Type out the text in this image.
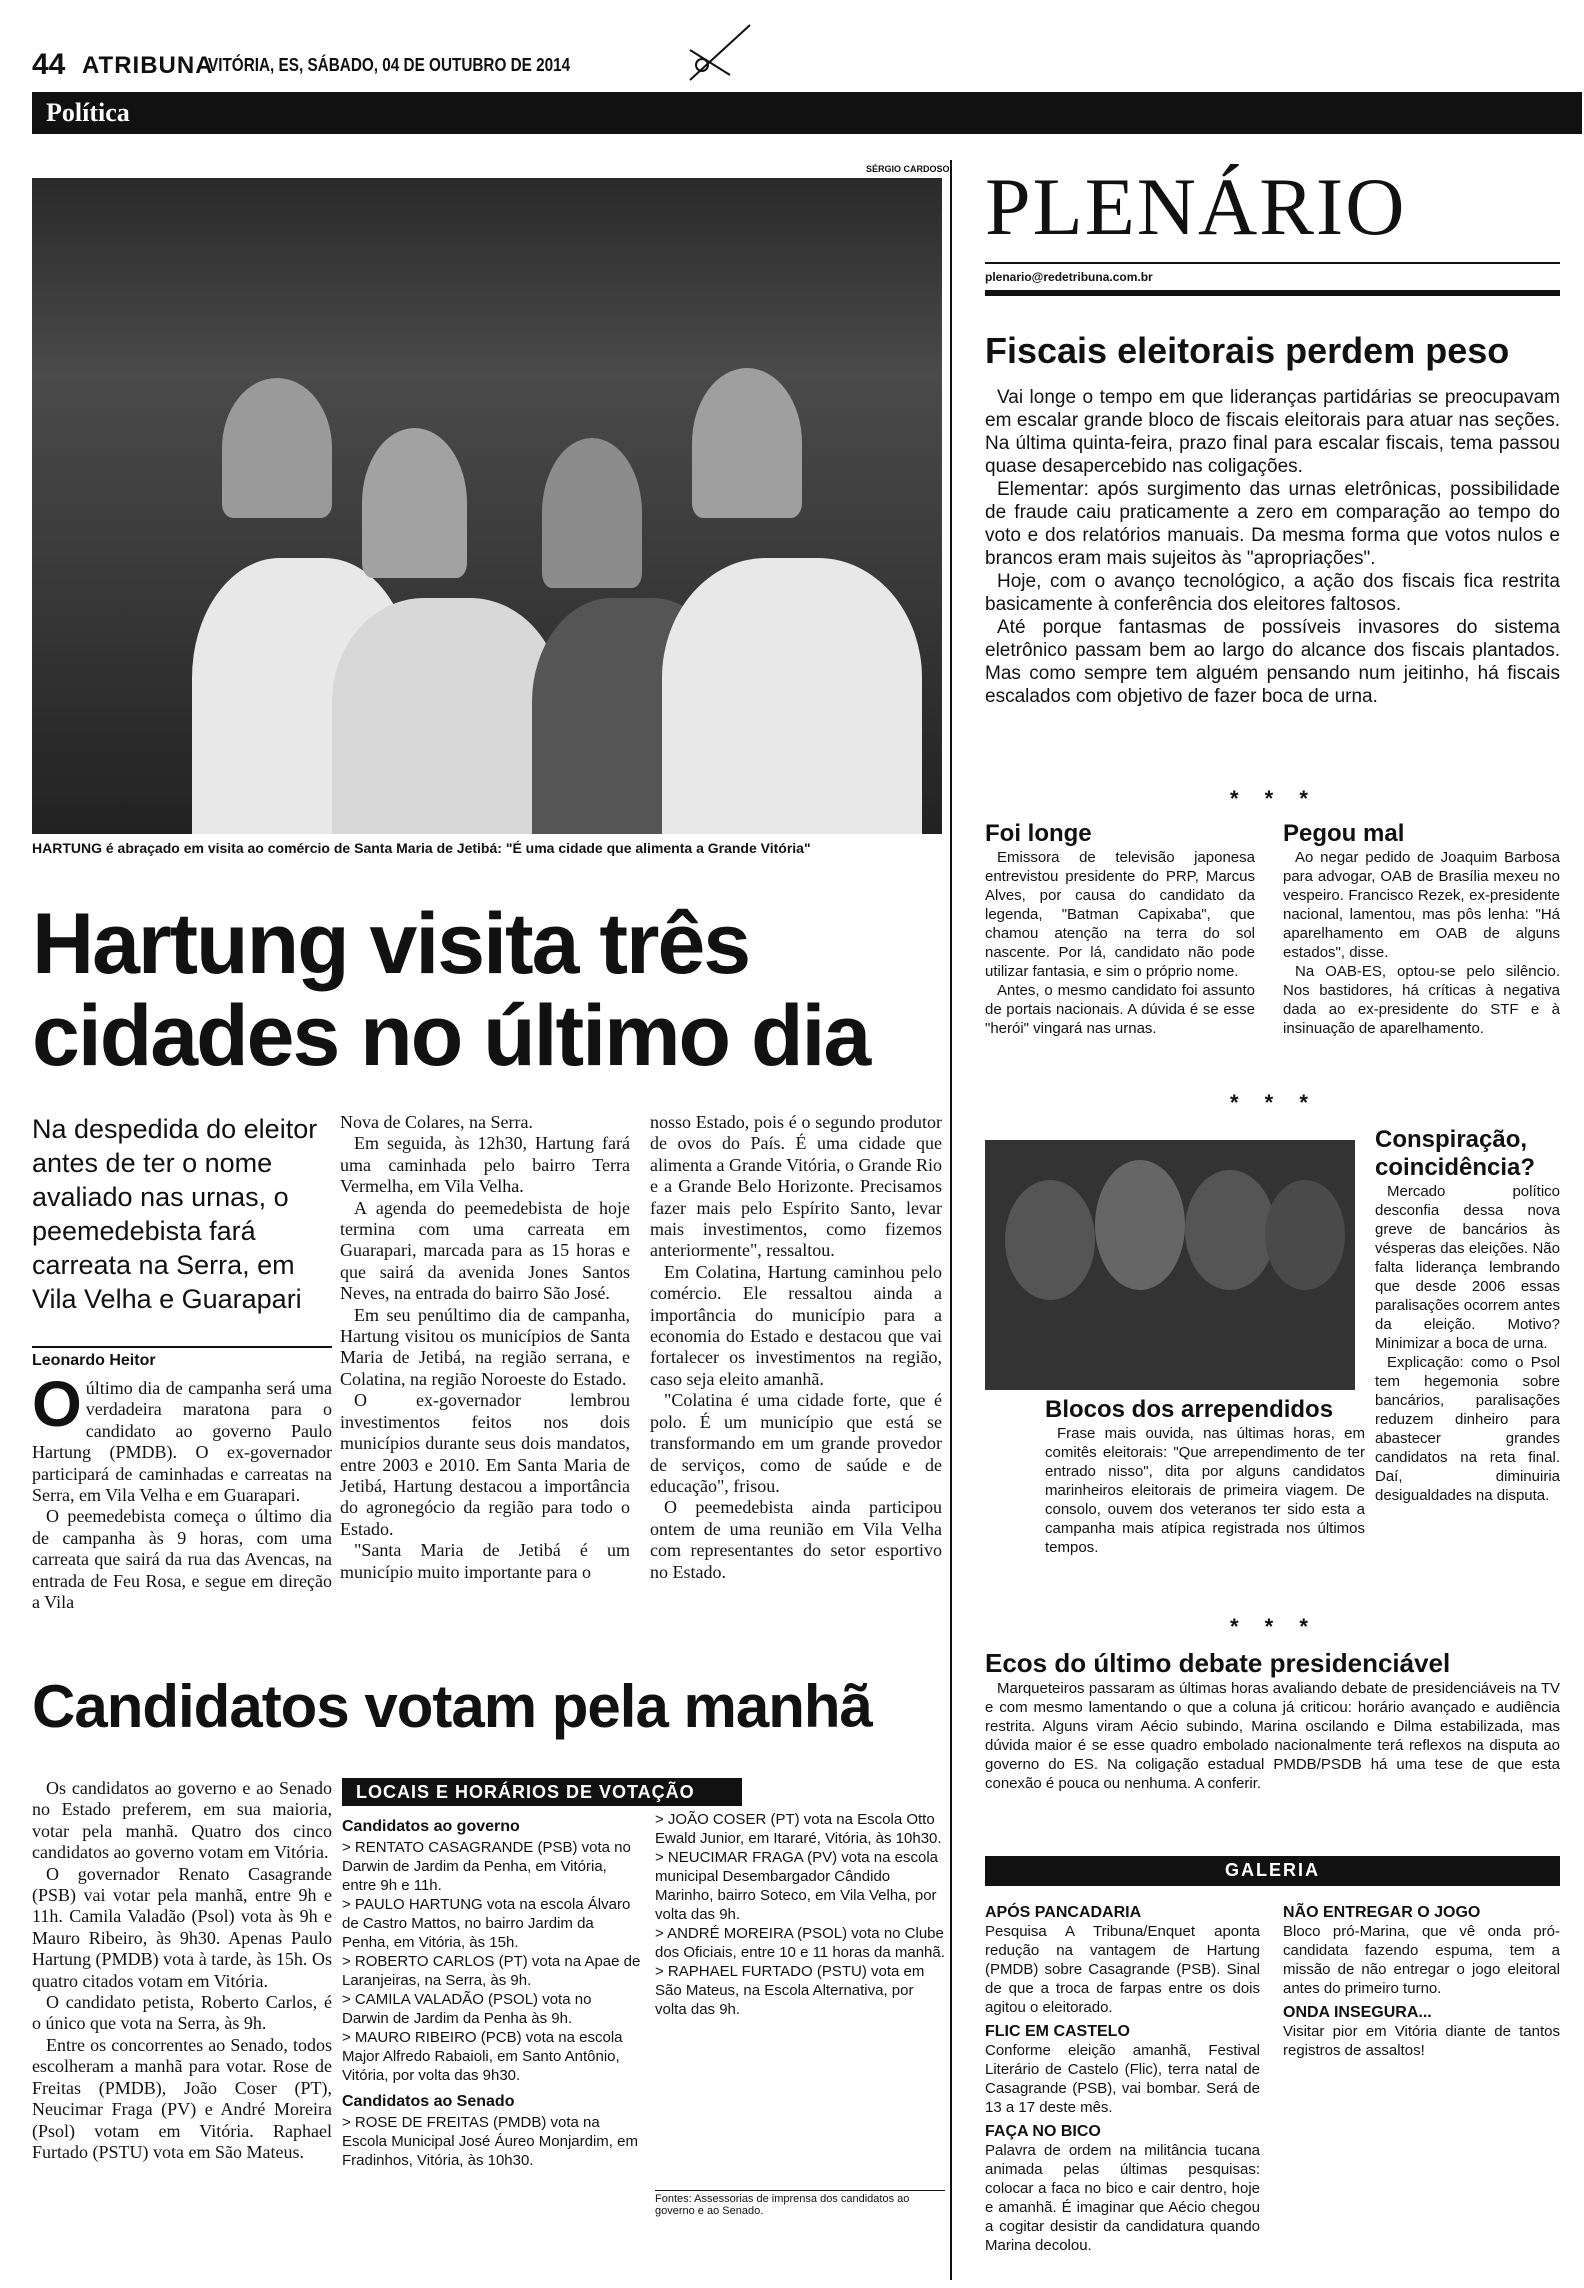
44 ATRIBUNA
VITÓRIA, ES, SÁBADO, 04 DE OUTUBRO DE 2014
Política
SÉRGIO CARDOSO
HARTUNG é abraçado em visita ao comércio de Santa Maria de Jetibá: "É uma cidade que alimenta a Grande Vitória"
Hartung visita três cidades no último dia
Na despedida do eleitor antes de ter o nome avaliado nas urnas, o peemedebista fará carreata na Serra, em Vila Velha e Guarapari
Leonardo Heitor
O último dia de campanha será uma verdadeira maratona para o candidato ao governo Paulo Hartung (PMDB). O ex-governador participará de caminhadas e carreatas na Serra, em Vila Velha e em Guarapari.

O peemedebista começa o último dia de campanha às 9 horas, com uma carreata que sairá da rua das Avencas, na entrada de Feu Rosa, e segue em direção a Vila

Nova de Colares, na Serra.

Em seguida, às 12h30, Hartung fará uma caminhada pelo bairro Terra Vermelha, em Vila Velha.

A agenda do peemedebista de hoje termina com uma carreata em Guarapari, marcada para as 15 horas e que sairá da avenida Jones Santos Neves, na entrada do bairro São José.

Em seu penúltimo dia de campanha, Hartung visitou os municípios de Santa Maria de Jetibá, na região serrana, e Colatina, na região Noroeste do Estado.

O ex-governador lembrou investimentos feitos nos dois municípios durante seus dois mandatos, entre 2003 e 2010. Em Santa Maria de Jetibá, Hartung destacou a importância do agronegócio da região para todo o Estado.

"Santa Maria de Jetibá é um município muito importante para o

nosso Estado, pois é o segundo produtor de ovos do País. É uma cidade que alimenta a Grande Vitória, o Grande Rio e a Grande Belo Horizonte. Precisamos fazer mais pelo Espírito Santo, levar mais investimentos, como fizemos anteriormente", ressaltou.

Em Colatina, Hartung caminhou pelo comércio. Ele ressaltou ainda a importância do município para a economia do Estado e destacou que vai fortalecer os investimentos na região, caso seja eleito amanhã.

"Colatina é uma cidade forte, que é polo. É um município que está se transformando em um grande provedor de serviços, como de saúde e de educação", frisou.

O peemedebista ainda participou ontem de uma reunião em Vila Velha com representantes do setor esportivo no Estado.

Candidatos votam pela manhã

Os candidatos ao governo e ao Senado no Estado preferem, em sua maioria, votar pela manhã. Quatro dos cinco candidatos ao governo votam em Vitória.

O governador Renato Casagrande (PSB) vai votar pela manhã, entre 9h e 11h. Camila Valadão (Psol) vota às 9h e Mauro Ribeiro, às 9h30. Apenas Paulo Hartung (PMDB) vota à tarde, às 15h. Os quatro citados votam em Vitória.

O candidato petista, Roberto Carlos, é o único que vota na Serra, às 9h.

Entre os concorrentes ao Senado, todos escolheram a manhã para votar. Rose de Freitas (PMDB), João Coser (PT), Neucimar Fraga (PV) e André Moreira (Psol) votam em Vitória. Raphael Furtado (PSTU) vota em São Mateus.

LOCAIS E HORÁRIOS DE VOTAÇÃO
Candidatos ao governo
> RENTATO CASAGRANDE (PSB) vota no Darwin de Jardim da Penha, em Vitória, entre 9h e 11h.
> PAULO HARTUNG vota na escola Álvaro de Castro Mattos, no bairro Jardim da Penha, em Vitória, às 15h.
> ROBERTO CARLOS (PT) vota na Apae de Laranjeiras, na Serra, às 9h.
> CAMILA VALADÃO (PSOL) vota no Darwin de Jardim da Penha às 9h.
> MAURO RIBEIRO (PCB) vota na escola Major Alfredo Rabaioli, em Santo Antônio, Vitória, por volta das 9h30.
Candidatos ao Senado
> ROSE DE FREITAS (PMDB) vota na Escola Municipal José Áureo Monjardim, em Fradinhos, Vitória, às 10h30.
> JOÃO COSER (PT) vota na Escola Otto Ewald Junior, em Itararé, Vitória, às 10h30.
> NEUCIMAR FRAGA (PV) vota na escola municipal Desembargador Cândido Marinho, bairro Soteco, em Vila Velha, por volta das 9h.
> ANDRÉ MOREIRA (PSOL) vota no Clube dos Oficiais, entre 10 e 11 horas da manhã.
> RAPHAEL FURTADO (PSTU) vota em São Mateus, na Escola Alternativa, por volta das 9h.
Fontes: Assessorias de imprensa dos candidatos ao governo e ao Senado.
PLENÁRIO
plenario@redetribuna.com.br
Fiscais eleitorais perdem peso

Vai longe o tempo em que lideranças partidárias se preocupavam em escalar grande bloco de fiscais eleitorais para atuar nas seções. Na última quinta-feira, prazo final para escalar fiscais, tema passou quase desapercebido nas coligações.

Elementar: após surgimento das urnas eletrônicas, possibilidade de fraude caiu praticamente a zero em comparação ao tempo do voto e dos relatórios manuais. Da mesma forma que votos nulos e brancos eram mais sujeitos às "apropriações".

Hoje, com o avanço tecnológico, a ação dos fiscais fica restrita basicamente à conferência dos eleitores faltosos.

Até porque fantasmas de possíveis invasores do sistema eletrônico passam bem ao largo do alcance dos fiscais plantados. Mas como sempre tem alguém pensando num jeitinho, há fiscais escalados com objetivo de fazer boca de urna.

* * *
Foi longe

Emissora de televisão japonesa entrevistou presidente do PRP, Marcus Alves, por causa do candidato da legenda, "Batman Capixaba", que chamou atenção na terra do sol nascente. Por lá, candidato não pode utilizar fantasia, e sim o próprio nome.

Antes, o mesmo candidato foi assunto de portais nacionais. A dúvida é se esse "herói" vingará nas urnas.

Pegou mal

Ao negar pedido de Joaquim Barbosa para advogar, OAB de Brasília mexeu no vespeiro. Francisco Rezek, ex-presidente nacional, lamentou, mas pôs lenha: "Há aparelhamento em OAB de alguns estados", disse.

Na OAB-ES, optou-se pelo silêncio. Nos bastidores, há críticas à negativa dada ao ex-presidente do STF e à insinuação de aparelhamento.

* * *
Conspiração, coincidência?

Mercado político desconfia dessa nova greve de bancários às vésperas das eleições. Não falta liderança lembrando que desde 2006 essas paralisações ocorrem antes da eleição. Motivo? Minimizar a boca de urna.

Explicação: como o Psol tem hegemonia sobre bancários, paralisações reduzem dinheiro para abastecer grandes candidatos na reta final. Daí, diminuiria desigualdades na disputa.

Blocos dos arrependidos

Frase mais ouvida, nas últimas horas, em comitês eleitorais: "Que arrependimento de ter entrado nisso", dita por alguns candidatos marinheiros eleitorais de primeira viagem. De consolo, ouvem dos veteranos ter sido esta a campanha mais atípica registrada nos últimos tempos.

* * *
Ecos do último debate presidenciável

Marqueteiros passaram as últimas horas avaliando debate de presidenciáveis na TV e com mesmo lamentando o que a coluna já criticou: horário avançado e audiência restrita. Alguns viram Aécio subindo, Marina oscilando e Dilma estabilizada, mas dúvida maior é se esse quadro embolado nacionalmente terá reflexos na disputa ao governo do ES. Na coligação estadual PMDB/PSDB há uma tese de que esta conexão é pouca ou nenhuma. A conferir.

GALERIA
APÓS PANCADARIA
Pesquisa A Tribuna/Enquet aponta redução na vantagem de Hartung (PMDB) sobre Casagrande (PSB). Sinal de que a troca de farpas entre os dois agitou o eleitorado.
FLIC EM CASTELO
Conforme eleição amanhã, Festival Literário de Castelo (Flic), terra natal de Casagrande (PSB), vai bombar. Será de 13 a 17 deste mês.
FAÇA NO BICO
Palavra de ordem na militância tucana animada pelas últimas pesquisas: colocar a faca no bico e cair dentro, hoje e amanhã. É imaginar que Aécio chegou a cogitar desistir da candidatura quando Marina decolou.
NÃO ENTREGAR O JOGO
Bloco pró-Marina, que vê onda pró-candidata fazendo espuma, tem a missão de não entregar o jogo eleitoral antes do primeiro turno.
ONDA INSEGURA...
Visitar pior em Vitória diante de tantos registros de assaltos!
